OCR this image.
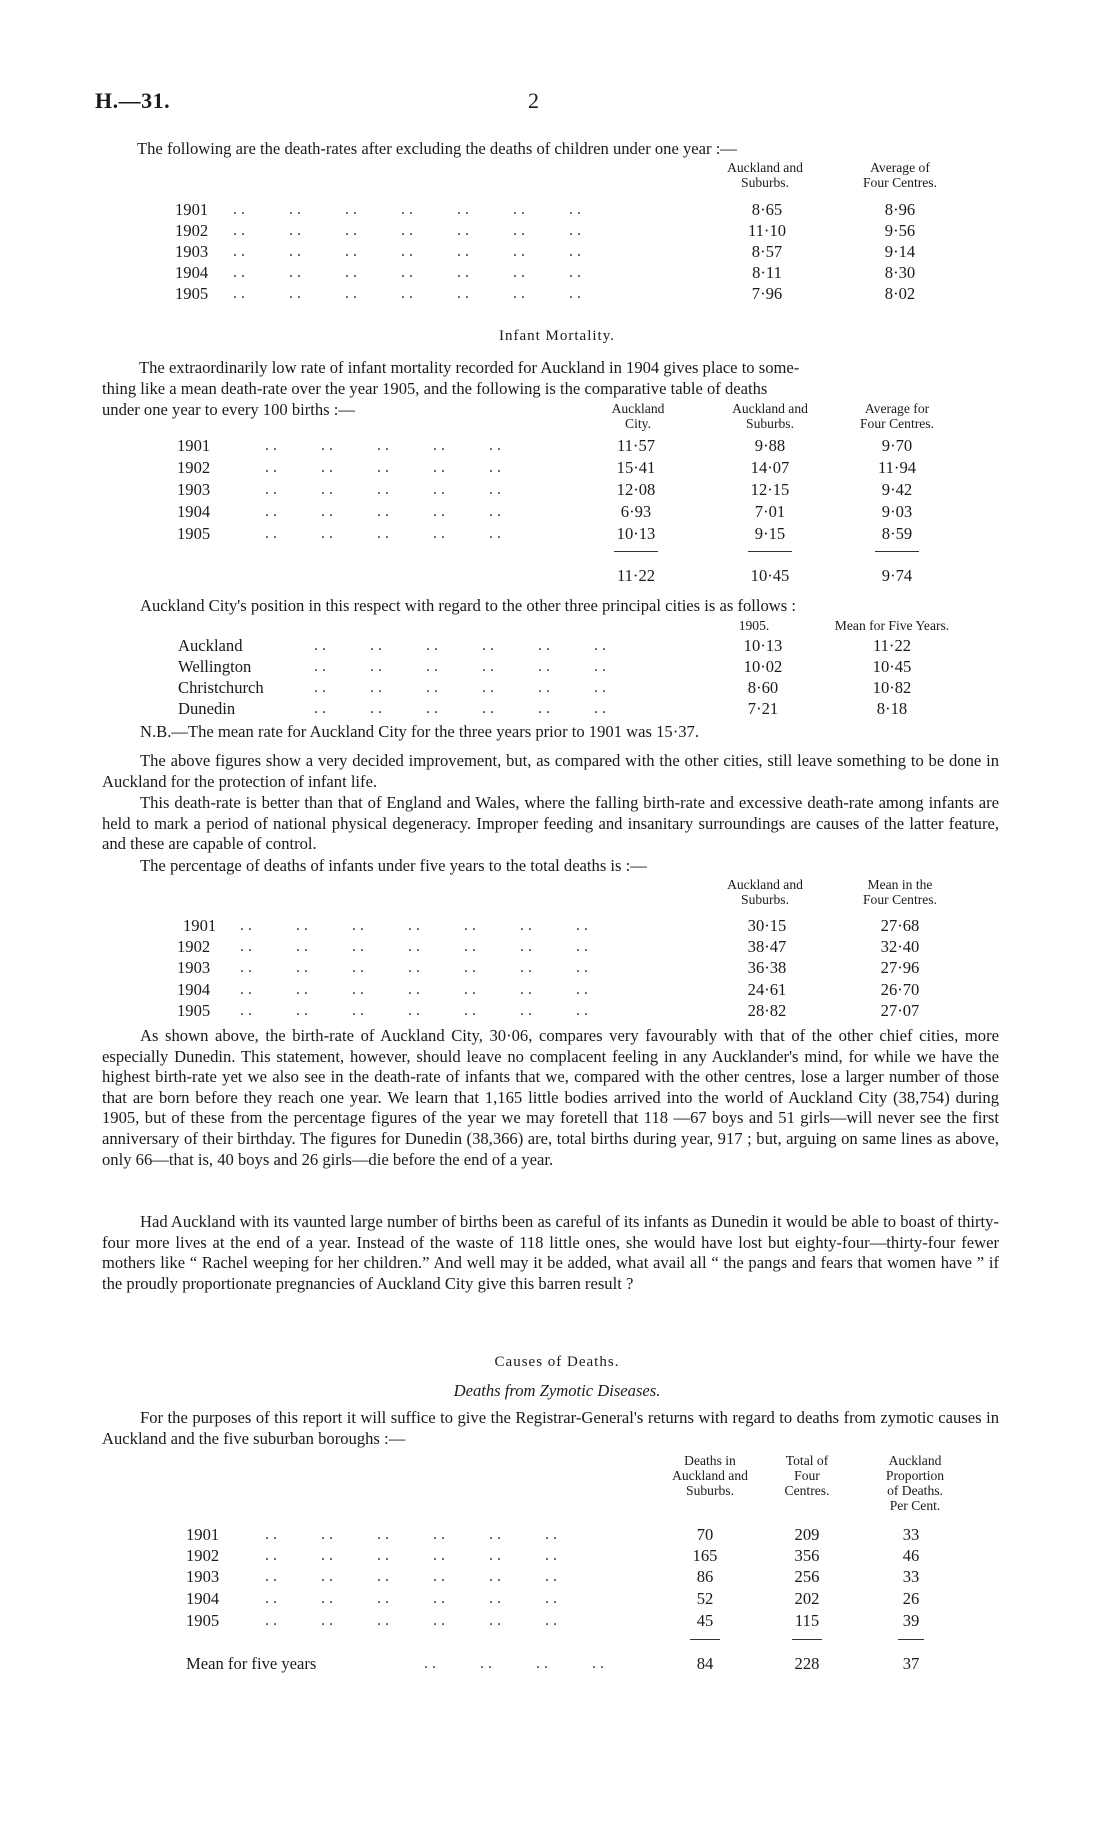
H.—31.	2
The following are the death-rates after excluding the deaths of children under one year :—
Auckland and
Suburbs.
Average of
Four Centres.
1901 . .           . .           . .           . .           . .           . .           . .	8·65	8·96
1902 . .           . .           . .           . .           . .           . .           . .	11·10	9·56
1903 . .           . .           . .           . .           . .           . .           . .	8·57	9·14
1904 . .           . .           . .           . .           . .           . .           . .	8·11	8·30
1905 . .           . .           . .           . .           . .           . .           . .	7·96	8·02
Infant Mortality.
The extraordinarily low rate of infant mortality recorded for Auckland in 1904 gives place to some-
thing like a mean death-rate over the year 1905, and the following is the comparative table of deaths
under one year to every 100 births :—	Auckland
City.
Auckland and
Suburbs.
Average for
Four Centres.
1901	. .           . .           . .           . .           . .	11·57	9·88	9·70
1902	. .           . .           . .           . .           . .	15·41	14·07	11·94
1903	. .           . .           . .           . .           . .	12·08	12·15	9·42
1904	. .           . .           . .           . .           . .	6·93	7·01	9·03
1905	. .           . .           . .           . .           . .	10·13	9·15	8·59
11·22	10·45	9·74
Auckland City's position in this respect with regard to the other three principal cities is as follows :
1905.	Mean for Five Years.
Auckland	. .           . .           . .           . .           . .           . .	10·13	11·22
Wellington	. .           . .           . .           . .           . .           . .	10·02	10·45
Christchurch	. .           . .           . .           . .           . .           . .	8·60	10·82
Dunedin	. .           . .           . .           . .           . .           . .	7·21	8·18
N.B.—The mean rate for Auckland City for the three years prior to 1901 was 15·37.
The above figures show a very decided improvement, but, as compared with the other cities, still leave something to be done in Auckland for the protection of infant life.
This death-rate is better than that of England and Wales, where the falling birth-rate and excessive death-rate among infants are held to mark a period of national physical degeneracy. Improper feeding and insanitary surroundings are causes of the latter feature, and these are capable of control.
The percentage of deaths of infants under five years to the total deaths is :—
Auckland and
Suburbs.
Mean in the
Four Centres.
1901 . .           . .           . .           . .           . .           . .           . .	30·15	27·68
1902 . .           . .           . .           . .           . .           . .           . .	38·47	32·40
1903 . .           . .           . .           . .           . .           . .           . .	36·38	27·96
1904 . .           . .           . .           . .           . .           . .           . .	24·61	26·70
1905 . .           . .           . .           . .           . .           . .           . .	28·82	27·07
As shown above, the birth-rate of Auckland City, 30·06, compares very favourably with that of the other chief cities, more especially Dunedin. This statement, however, should leave no complacent feeling in any Aucklander's mind, for while we have the highest birth-rate yet we also see in the death-rate of infants that we, compared with the other centres, lose a larger number of those that are born before they reach one year. We learn that 1,165 little bodies arrived into the world of Auckland City (38,754) during 1905, but of these from the percentage figures of the year we may foretell that 118 —67 boys and 51 girls—will never see the first anniversary of their birthday. The figures for Dunedin (38,366) are, total births during year, 917 ; but, arguing on same lines as above, only 66—that is, 40 boys and 26 girls—die before the end of a year.
Had Auckland with its vaunted large number of births been as careful of its infants as Dunedin it would be able to boast of thirty-four more lives at the end of a year. Instead of the waste of 118 little ones, she would have lost but eighty-four—thirty-four fewer mothers like “ Rachel weeping for her children.” And well may it be added, what avail all “ the pangs and fears that women have ” if the proudly proportionate pregnancies of Auckland City give this barren result ?
Causes of Deaths.
Deaths from Zymotic Diseases.
For the purposes of this report it will suffice to give the Registrar-General's returns with regard to deaths from zymotic causes in Auckland and the five suburban boroughs :—
Deaths in
Auckland and
Suburbs.
Total of
Four
Centres.
Auckland
Proportion
of Deaths.
Per Cent.
1901	. .           . .           . .           . .           . .           . .	70	209	33
1902	. .           . .           . .           . .           . .           . .	165	356	46
1903	. .           . .           . .           . .           . .           . .	86	256	33
1904	. .           . .           . .           . .           . .           . .	52	202	26
1905	. .           . .           . .           . .           . .           . .	45	115	39
Mean for five years	. .           . .           . .           . .	84	228	37
